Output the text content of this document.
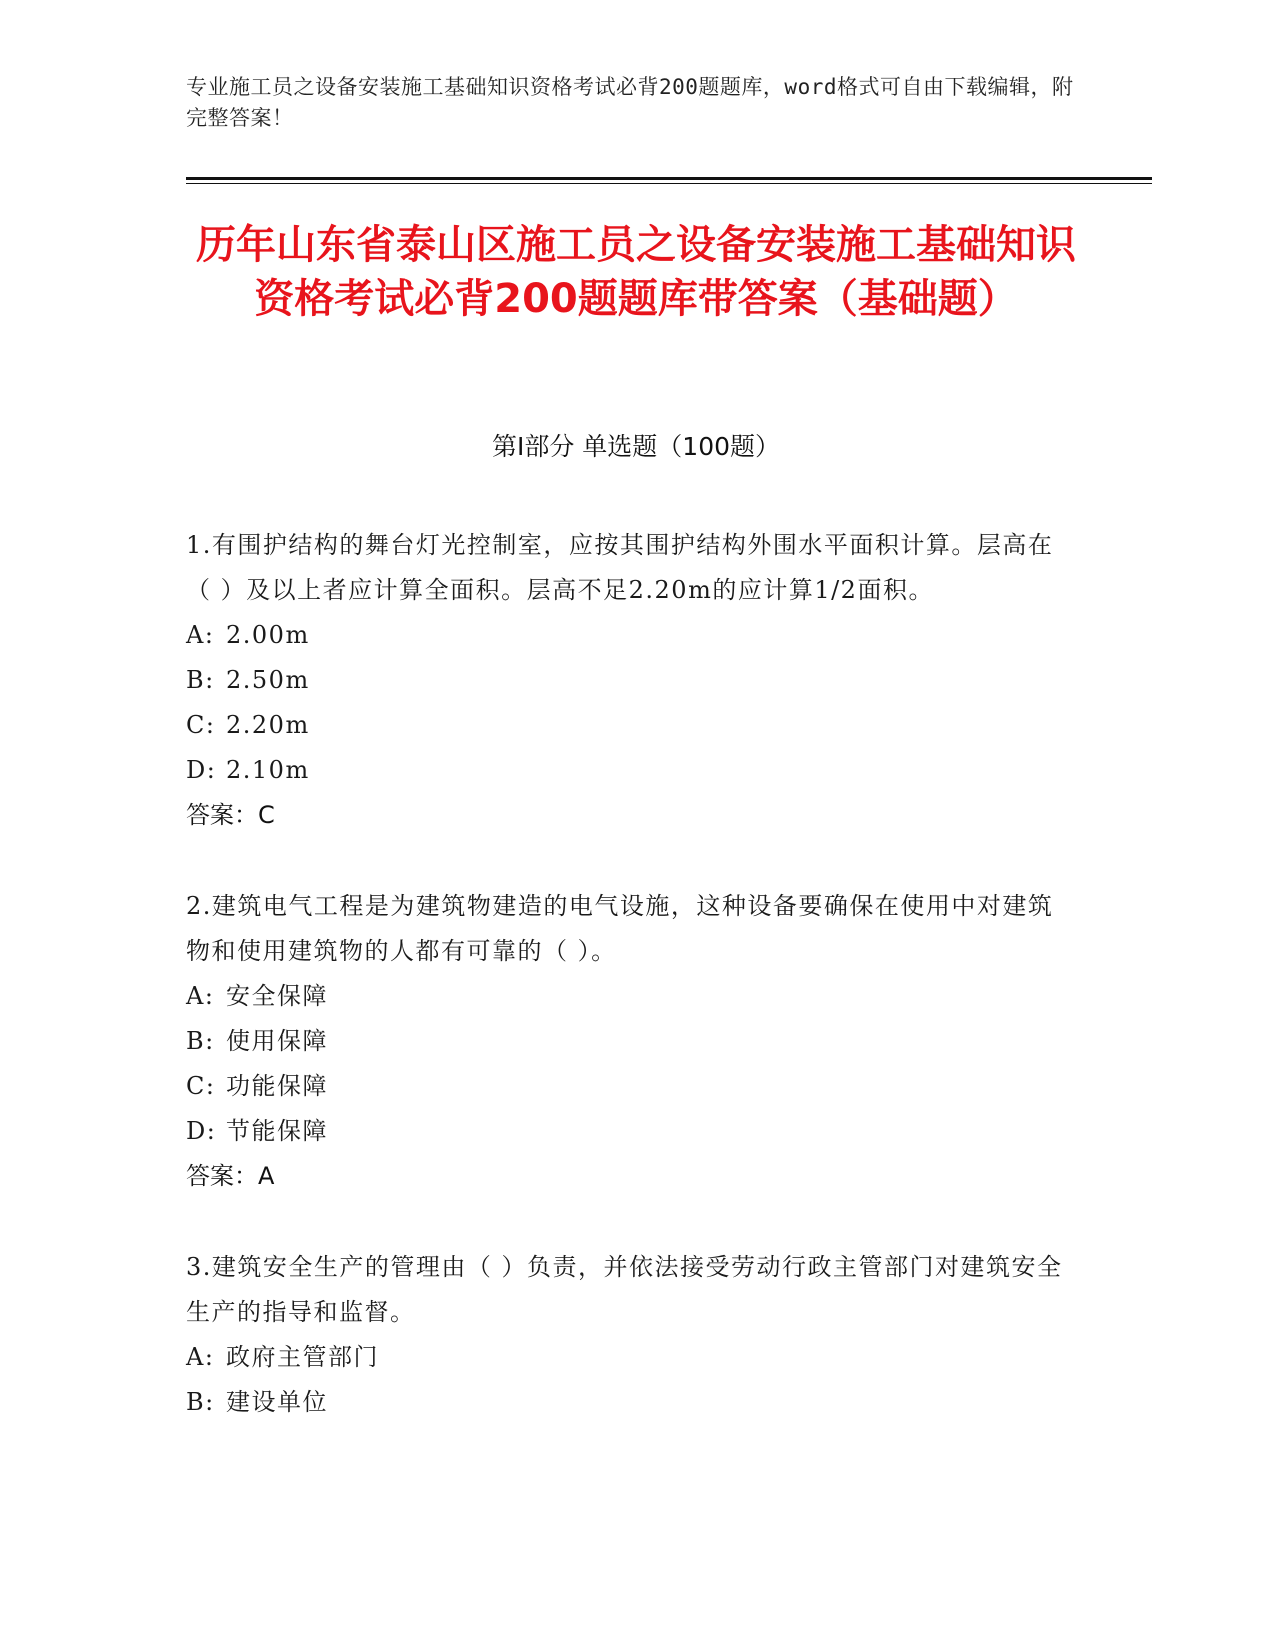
专业施工员之设备安装施工基础知识资格考试必背200题题库，word格式可自由下载编辑，附完整答案！
历年山东省泰山区施工员之设备安装施工基础知识资格考试必背200题题库带答案（基础题）
第I部分 单选题（100题）
1.有围护结构的舞台灯光控制室，应按其围护结构外围水平面积计算。层高在（ ）及以上者应计算全面积。层高不足2.20m的应计算1/2面积。
A: 2.00m
B: 2.50m
C: 2.20m
D: 2.10m
答案：C
2.建筑电气工程是为建筑物建造的电气设施，这种设备要确保在使用中对建筑物和使用建筑物的人都有可靠的（ ）。
A: 安全保障
B: 使用保障
C: 功能保障
D: 节能保障
答案：A
3.建筑安全生产的管理由（ ）负责，并依法接受劳动行政主管部门对建筑安全生产的指导和监督。
A: 政府主管部门
B: 建设单位
